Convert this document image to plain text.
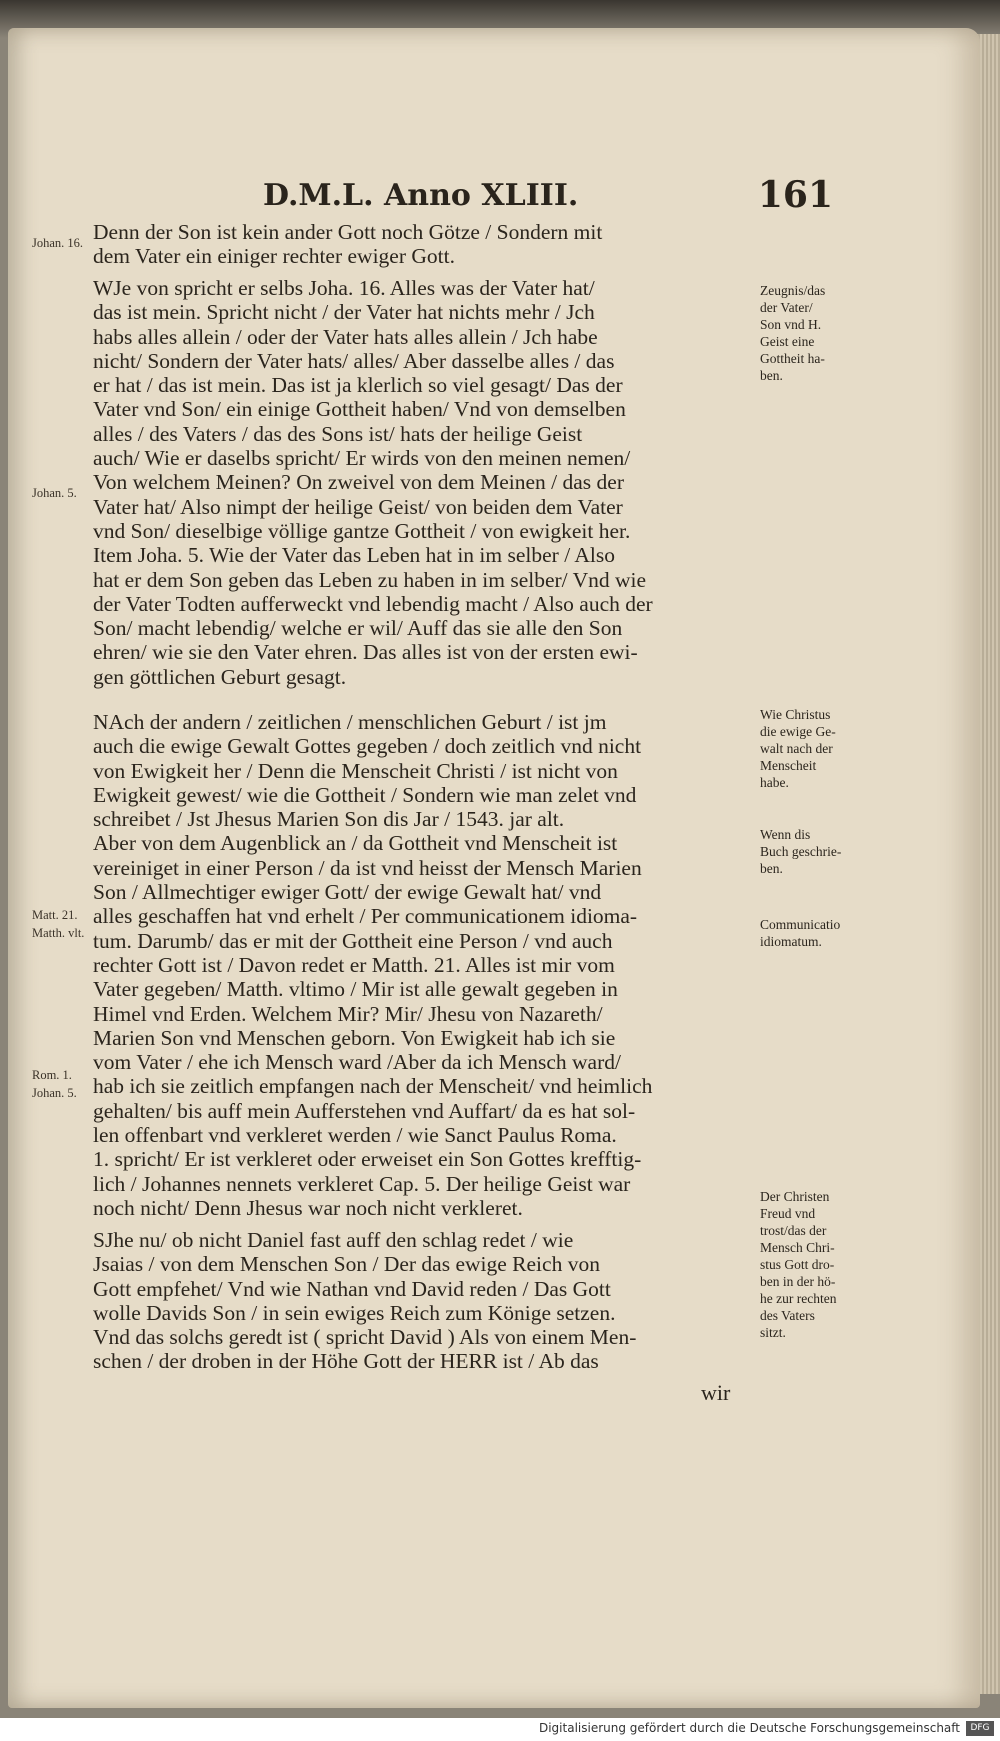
D.M.L. Anno XLIII.	161
Denn der Son ist kein ander Gott noch Götze / Sondern mit
dem Vater ein einiger rechter ewiger Gott.
WJe von spricht er selbs Joha. 16. Alles was der Vater hat/
das ist mein. Spricht nicht / der Vater hat nichts mehr / Jch
habs alles allein / oder der Vater hats alles allein / Jch habe
nicht/ Sondern der Vater hats/ alles/ Aber dasselbe alles / das
er hat / das ist mein. Das ist ja klerlich so viel gesagt/ Das der
Vater vnd Son/ ein einige Gottheit haben/ Vnd von demselben
alles / des Vaters / das des Sons ist/ hats der heilige Geist
auch/ Wie er daselbs spricht/ Er wirds von den meinen nemen/
Von welchem Meinen? On zweivel von dem Meinen / das der
Vater hat/ Also nimpt der heilige Geist/ von beiden dem Vater
vnd Son/ dieselbige völlige gantze Gottheit / von ewigkeit her.
Item Joha. 5. Wie der Vater das Leben hat in im selber / Also
hat er dem Son geben das Leben zu haben in im selber/ Vnd wie
der Vater Todten aufferweckt vnd lebendig macht / Also auch der
Son/ macht lebendig/ welche er wil/ Auff das sie alle den Son
ehren/ wie sie den Vater ehren. Das alles ist von der ersten ewi-
gen göttlichen Geburt gesagt.
NAch der andern / zeitlichen / menschlichen Geburt / ist jm
auch die ewige Gewalt Gottes gegeben / doch zeitlich vnd nicht
von Ewigkeit her / Denn die Menscheit Christi / ist nicht von
Ewigkeit gewest/ wie die Gottheit / Sondern wie man zelet vnd
schreibet / Jst Jhesus Marien Son dis Jar / 1543. jar alt.
Aber von dem Augenblick an / da Gottheit vnd Menscheit ist
vereiniget in einer Person / da ist vnd heisst der Mensch Marien
Son / Allmechtiger ewiger Gott/ der ewige Gewalt hat/ vnd
alles geschaffen hat vnd erhelt / Per communicationem idioma-
tum. Darumb/ das er mit der Gottheit eine Person / vnd auch
rechter Gott ist / Davon redet er Matth. 21. Alles ist mir vom
Vater gegeben/ Matth. vltimo / Mir ist alle gewalt gegeben in
Himel vnd Erden. Welchem Mir? Mir/ Jhesu von Nazareth/
Marien Son vnd Menschen geborn. Von Ewigkeit hab ich sie
vom Vater / ehe ich Mensch ward /Aber da ich Mensch ward/
hab ich sie zeitlich empfangen nach der Menscheit/ vnd heimlich
gehalten/ bis auff mein Aufferstehen vnd Auffart/ da es hat sol-
len offenbart vnd verkleret werden / wie Sanct Paulus Roma.
1. spricht/ Er ist verkleret oder erweiset ein Son Gottes krefftig-
lich / Johannes nennets verkleret Cap. 5. Der heilige Geist war
noch nicht/ Denn Jhesus war noch nicht verkleret.
SJhe nu/ ob nicht Daniel fast auff den schlag redet / wie
Jsaias / von dem Menschen Son / Der das ewige Reich von
Gott empfehet/ Vnd wie Nathan vnd David reden / Das Gott
wolle Davids Son / in sein ewiges Reich zum Könige setzen.
Vnd das solchs geredt ist ( spricht David ) Als von einem Men-
schen / der droben in der Höhe Gott der HERR ist / Ab das
wir
Zeugnis/das
der Vater/
Son vnd H.
Geist eine
Gottheit ha-
ben.
Wie Christus
die ewige Ge-
walt nach der
Menscheit
habe.
Wenn dis
Buch geschrie-
ben.
Communicatio
idiomatum.
Der Christen
Freud vnd
trost/das der
Mensch Chri-
stus Gott dro-
ben in der hö-
he zur rechten
des Vaters
sitzt.
Johan. 16.
Johan. 5.
Matt. 21.
Matth. vlt.
Rom. 1.
Johan. 5.
Digitalisierung gefördert durch die Deutsche Forschungsgemeinschaft	DFG
